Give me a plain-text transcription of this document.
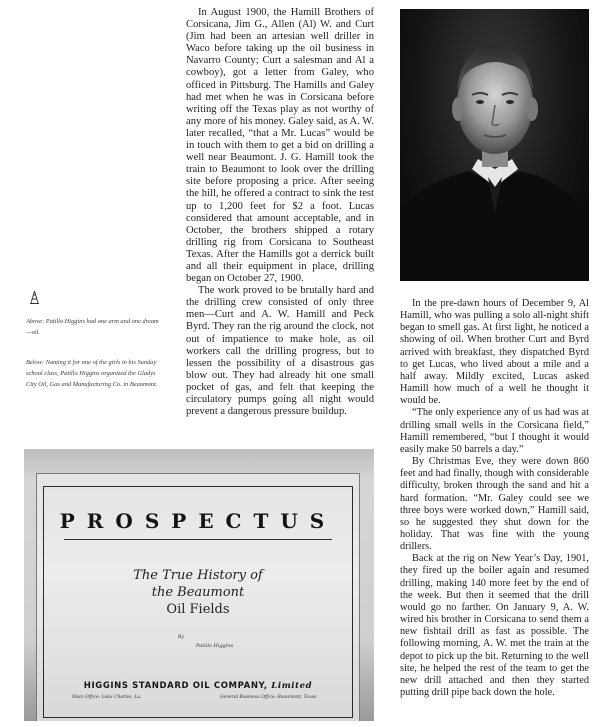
In August 1900, the Hamill Brothers of Corsicana, Jim G., Allen (Al) W. and Curt (Jim had been an artesian well driller in Waco before taking up the oil business in Navarro County; Curt a salesman and Al a cowboy), got a letter from Galey, who officed in Pittsburg. The Hamills and Galey had met when he was in Corsicana before writing off the Texas play as not worthy of any more of his money. Galey said, as A. W. later recalled, “that a Mr. Lucas” would be in touch with them to get a bid on drilling a well near Beaumont. J. G. Hamill took the train to Beaumont to look over the drilling site before proposing a price. After seeing the hill, he offered a contract to sink the test up to 1,200 feet for $2 a foot. Lucas considered that amount acceptable, and in October, the brothers shipped a rotary drilling rig from Corsicana to Southeast Texas. After the Hamills got a derrick built and all their equipment in place, drilling began on October 27, 1900.

The work proved to be brutally hard and the drilling crew consisted of only three men—Curt and A. W. Hamill and Peck Byrd. They ran the rig around the clock, not out of impatience to make hole, as oil workers call the drilling progress, but to lessen the possibility of a disastrous gas blow out. They had already hit one small pocket of gas, and felt that keeping the circulatory pumps going all night would prevent a dangerous pressure buildup.

Above: Patillo Higgins had one arm and one dream—oil.

Below: Naming it for one of the girls in his Sunday school class, Patillo Higgins organized the Gladys City Oil, Gas and Manufacturing Co. in Beaumont.

PROSPECTUS
The True History of
the Beaumont
Oil Fields
By
Patillo Higgins
HIGGINS STANDARD OIL COMPANY, Limited
Main Office: Lake Charles, La.	General Business Office: Beaumont, Texas

In the pre-dawn hours of December 9, Al Hamill, who was pulling a solo all-night shift began to smell gas. At first light, he noticed a showing of oil. When brother Curt and Byrd arrived with breakfast, they dispatched Byrd to get Lucas, who lived about a mile and a half away. Mildly excited, Lucas asked Hamill how much of a well he thought it would be.

“The only experience any of us had was at drilling small wells in the Corsicana field,” Hamill remembered, “but I thought it would easily make 50 barrels a day.”

By Christmas Eve, they were down 860 feet and had finally, though with considerable difficulty, broken through the sand and hit a hard formation. “Mr. Galey could see we three boys were worked down,” Hamill said, so he suggested they shut down for the holiday. That was fine with the young drillers.

Back at the rig on New Year’s Day, 1901, they fired up the boiler again and resumed drilling, making 140 more feet by the end of the week. But then it seemed that the drill would go no farther. On January 9, A. W. wired his brother in Corsicana to send them a new fishtail drill as fast as possible. The following morning, A. W. met the train at the depot to pick up the bit. Returning to the well site, he helped the rest of the team to get the new drill attached and then they started putting drill pipe back down the hole.
